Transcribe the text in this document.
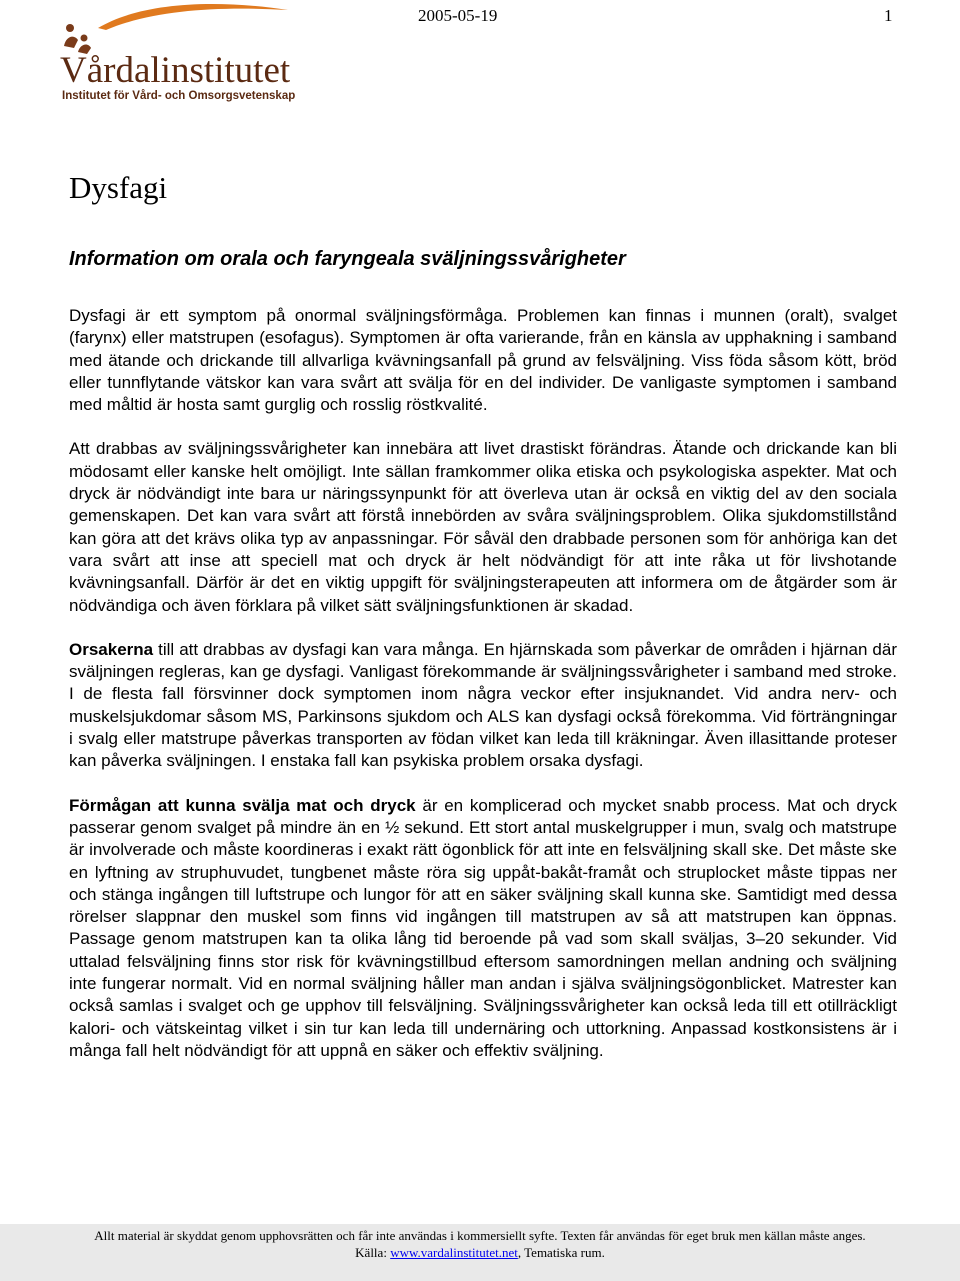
2005-05-19	1
Vårdalinstitutet
Institutet för Vård- och Omsorgsvetenskap
Dysfagi
Information om orala och faryngeala sväljningssvårigheter

Dysfagi är ett symptom på onormal sväljningsförmåga. Problemen kan finnas i munnen (oralt), svalget (farynx) eller matstrupen (esofagus). Symptomen är ofta varierande, från en känsla av upphakning i samband med ätande och drickande till allvarliga kvävningsanfall på grund av felsväljning. Viss föda såsom kött, bröd eller tunnflytande vätskor kan vara svårt att svälja för en del individer. De vanligaste symptomen i samband med måltid är hosta samt gurglig och rosslig röstkvalité.

Att drabbas av sväljningssvårigheter kan innebära att livet drastiskt förändras. Ätande och drickande kan bli mödosamt eller kanske helt omöjligt. Inte sällan framkommer olika etiska och psykologiska aspekter. Mat och dryck är nödvändigt inte bara ur näringssynpunkt för att överleva utan är också en viktig del av den sociala gemenskapen. Det kan vara svårt att förstå innebörden av svåra sväljningsproblem. Olika sjukdomstillstånd kan göra att det krävs olika typ av anpassningar. För såväl den drabbade personen som för anhöriga kan det vara svårt att inse att speciell mat och dryck är helt nödvändigt för att inte råka ut för livshotande kvävningsanfall. Därför är det en viktig uppgift för sväljningsterapeuten att informera om de åtgärder som är nödvändiga och även förklara på vilket sätt sväljningsfunktionen är skadad.

Orsakerna till att drabbas av dysfagi kan vara många. En hjärnskada som påverkar de områden i hjärnan där sväljningen regleras, kan ge dysfagi. Vanligast förekommande är sväljningssvårigheter i samband med stroke. I de flesta fall försvinner dock symptomen inom några veckor efter insjuknandet. Vid andra nerv- och muskelsjukdomar såsom MS, Parkinsons sjukdom och ALS kan dysfagi också förekomma. Vid förträngningar i svalg eller matstrupe påverkas transporten av födan vilket kan leda till kräkningar. Även illasittande proteser kan påverka sväljningen. I enstaka fall kan psykiska problem orsaka dysfagi.

Förmågan att kunna svälja mat och dryck är en komplicerad och mycket snabb process. Mat och dryck passerar genom svalget på mindre än en ½ sekund. Ett stort antal muskelgrupper i mun, svalg och matstrupe är involverade och måste koordineras i exakt rätt ögonblick för att inte en felsväljning skall ske. Det måste ske en lyftning av struphuvudet, tungbenet måste röra sig uppåt-bakåt-framåt och struplocket måste tippas ner och stänga ingången till luftstrupe och lungor för att en säker sväljning skall kunna ske. Samtidigt med dessa rörelser slappnar den muskel som finns vid ingången till matstrupen av så att matstrupen kan öppnas. Passage genom matstrupen kan ta olika lång tid beroende på vad som skall sväljas, 3–20 sekunder. Vid uttalad felsväljning finns stor risk för kvävningstillbud eftersom samordningen mellan andning och sväljning inte fungerar normalt. Vid en normal sväljning håller man andan i själva sväljningsögonblicket. Matrester kan också samlas i svalget och ge upphov till felsväljning. Sväljningssvårigheter kan också leda till ett otillräckligt kalori- och vätskeintag vilket i sin tur kan leda till undernäring och uttorkning. Anpassad kostkonsistens är i många fall helt nödvändigt för att uppnå en säker och effektiv sväljning.

Allt material är skyddat genom upphovsrätten och får inte användas i kommersiellt syfte. Texten får användas för eget bruk men källan måste anges.
Källa: www.vardalinstitutet.net, Tematiska rum.
